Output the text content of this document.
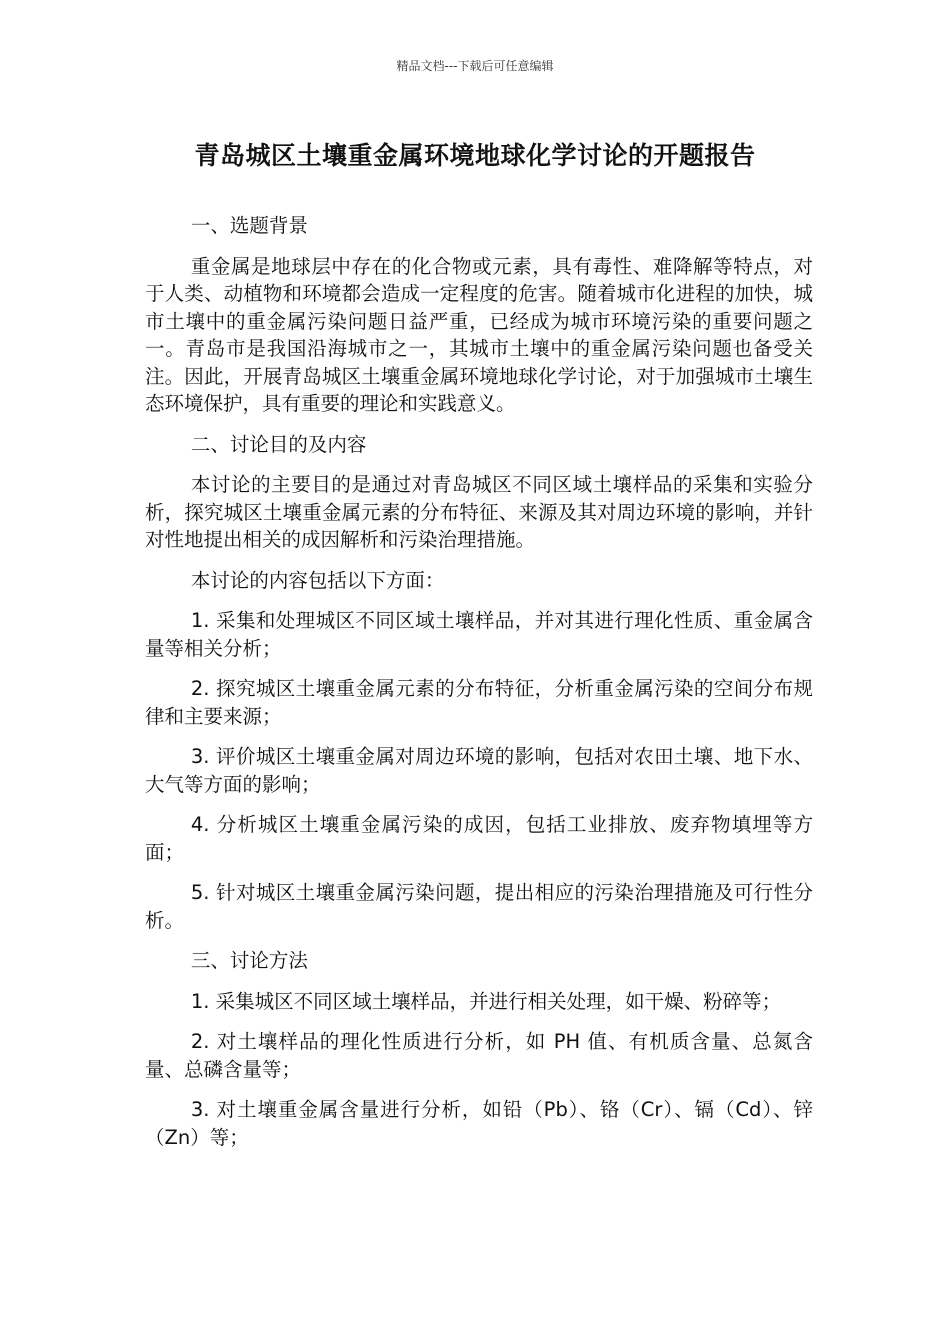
精品文档---下载后可任意编辑
青岛城区土壤重金属环境地球化学讨论的开题报告

一、选题背景

重金属是地球层中存在的化合物或元素，具有毒性、难降解等特点，对于人类、动植物和环境都会造成一定程度的危害。随着城市化进程的加快，城市土壤中的重金属污染问题日益严重，已经成为城市环境污染的重要问题之一。青岛市是我国沿海城市之一，其城市土壤中的重金属污染问题也备受关注。因此，开展青岛城区土壤重金属环境地球化学讨论，对于加强城市土壤生态环境保护，具有重要的理论和实践意义。

二、讨论目的及内容

本讨论的主要目的是通过对青岛城区不同区域土壤样品的采集和实验分析，探究城区土壤重金属元素的分布特征、来源及其对周边环境的影响，并针对性地提出相关的成因解析和污染治理措施。

本讨论的内容包括以下方面：

1. 采集和处理城区不同区域土壤样品，并对其进行理化性质、重金属含量等相关分析；

2. 探究城区土壤重金属元素的分布特征，分析重金属污染的空间分布规律和主要来源；

3. 评价城区土壤重金属对周边环境的影响，包括对农田土壤、地下水、大气等方面的影响；

4. 分析城区土壤重金属污染的成因，包括工业排放、废弃物填埋等方面；

5. 针对城区土壤重金属污染问题，提出相应的污染治理措施及可行性分析。

三、讨论方法

1. 采集城区不同区域土壤样品，并进行相关处理，如干燥、粉碎等；

2. 对土壤样品的理化性质进行分析，如 PH 值、有机质含量、总氮含量、总磷含量等；

3. 对土壤重金属含量进行分析，如铅（Pb）、铬（Cr）、镉（Cd）、锌（Zn）等；
